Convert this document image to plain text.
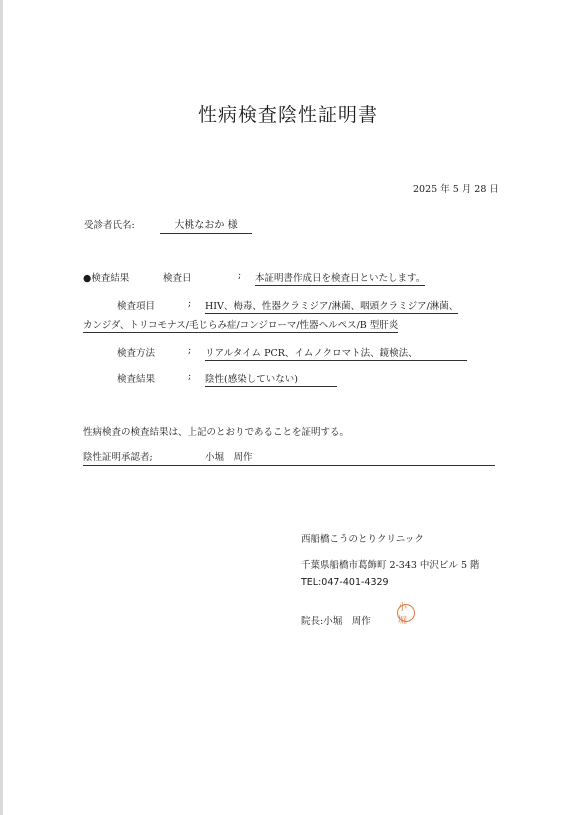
性病検査陰性証明書
2025 年 5 月 28 日
受診者氏名:	大桃なおか 様
●検査結果	検査日	; 本証明書作成日を検査日といたします。
検査項目	; HIV、梅毒、性器クラミジア/淋菌、咽頭クラミジア/淋菌、
カンジダ、トリコモナス/毛じらみ症/コンジローマ/性器ヘルペス/B 型肝炎
検査方法	; リアルタイム PCR、イムノクロマト法、鏡検法、
検査結果	; 陰性(感染していない)
性病検査の検査結果は、上記のとおりであることを証明する。
陰性証明承認者;	小堀　周作
西船橋こうのとりクリニック
千葉県船橋市葛飾町 2-343 中沢ビル 5 階
TEL:047-401-4329
院長:小堀　周作
小堀
